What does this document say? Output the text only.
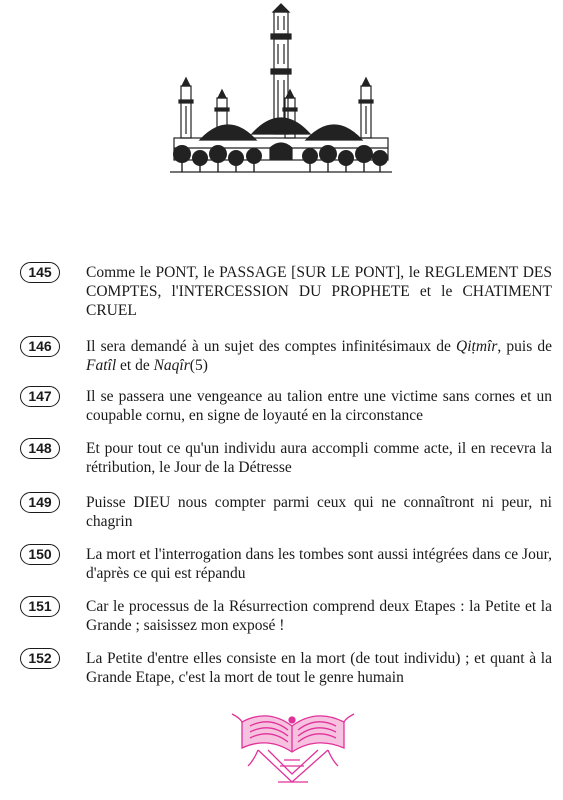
145	Comme le PONT, le PASSAGE [SUR LE PONT], le REGLEMENT DES COMPTES, l'INTERCESSION DU PROPHETE et le CHATIMENT CRUEL
146	Il sera demandé à un sujet des comptes infinitésimaux de Qiṭmîr, puis de Fatîl et de Naqîr(5)
147	Il se passera une vengeance au talion entre une victime sans cornes et un coupable cornu, en signe de loyauté en la circonstance
148	Et pour tout ce qu'un individu aura accompli comme acte, il en recevra la rétribution, le Jour de la Détresse
149	Puisse DIEU nous compter parmi ceux qui ne connaîtront ni peur, ni chagrin
150	La mort et l'interrogation dans les tombes sont aussi intégrées dans ce Jour, d'après ce qui est répandu
151	Car le processus de la Résurrection comprend deux Etapes : la Petite et la Grande ; saisissez mon exposé !
152	La Petite d'entre elles consiste en la mort (de tout individu) ; et quant à la Grande Etape, c'est la mort de tout le genre humain
